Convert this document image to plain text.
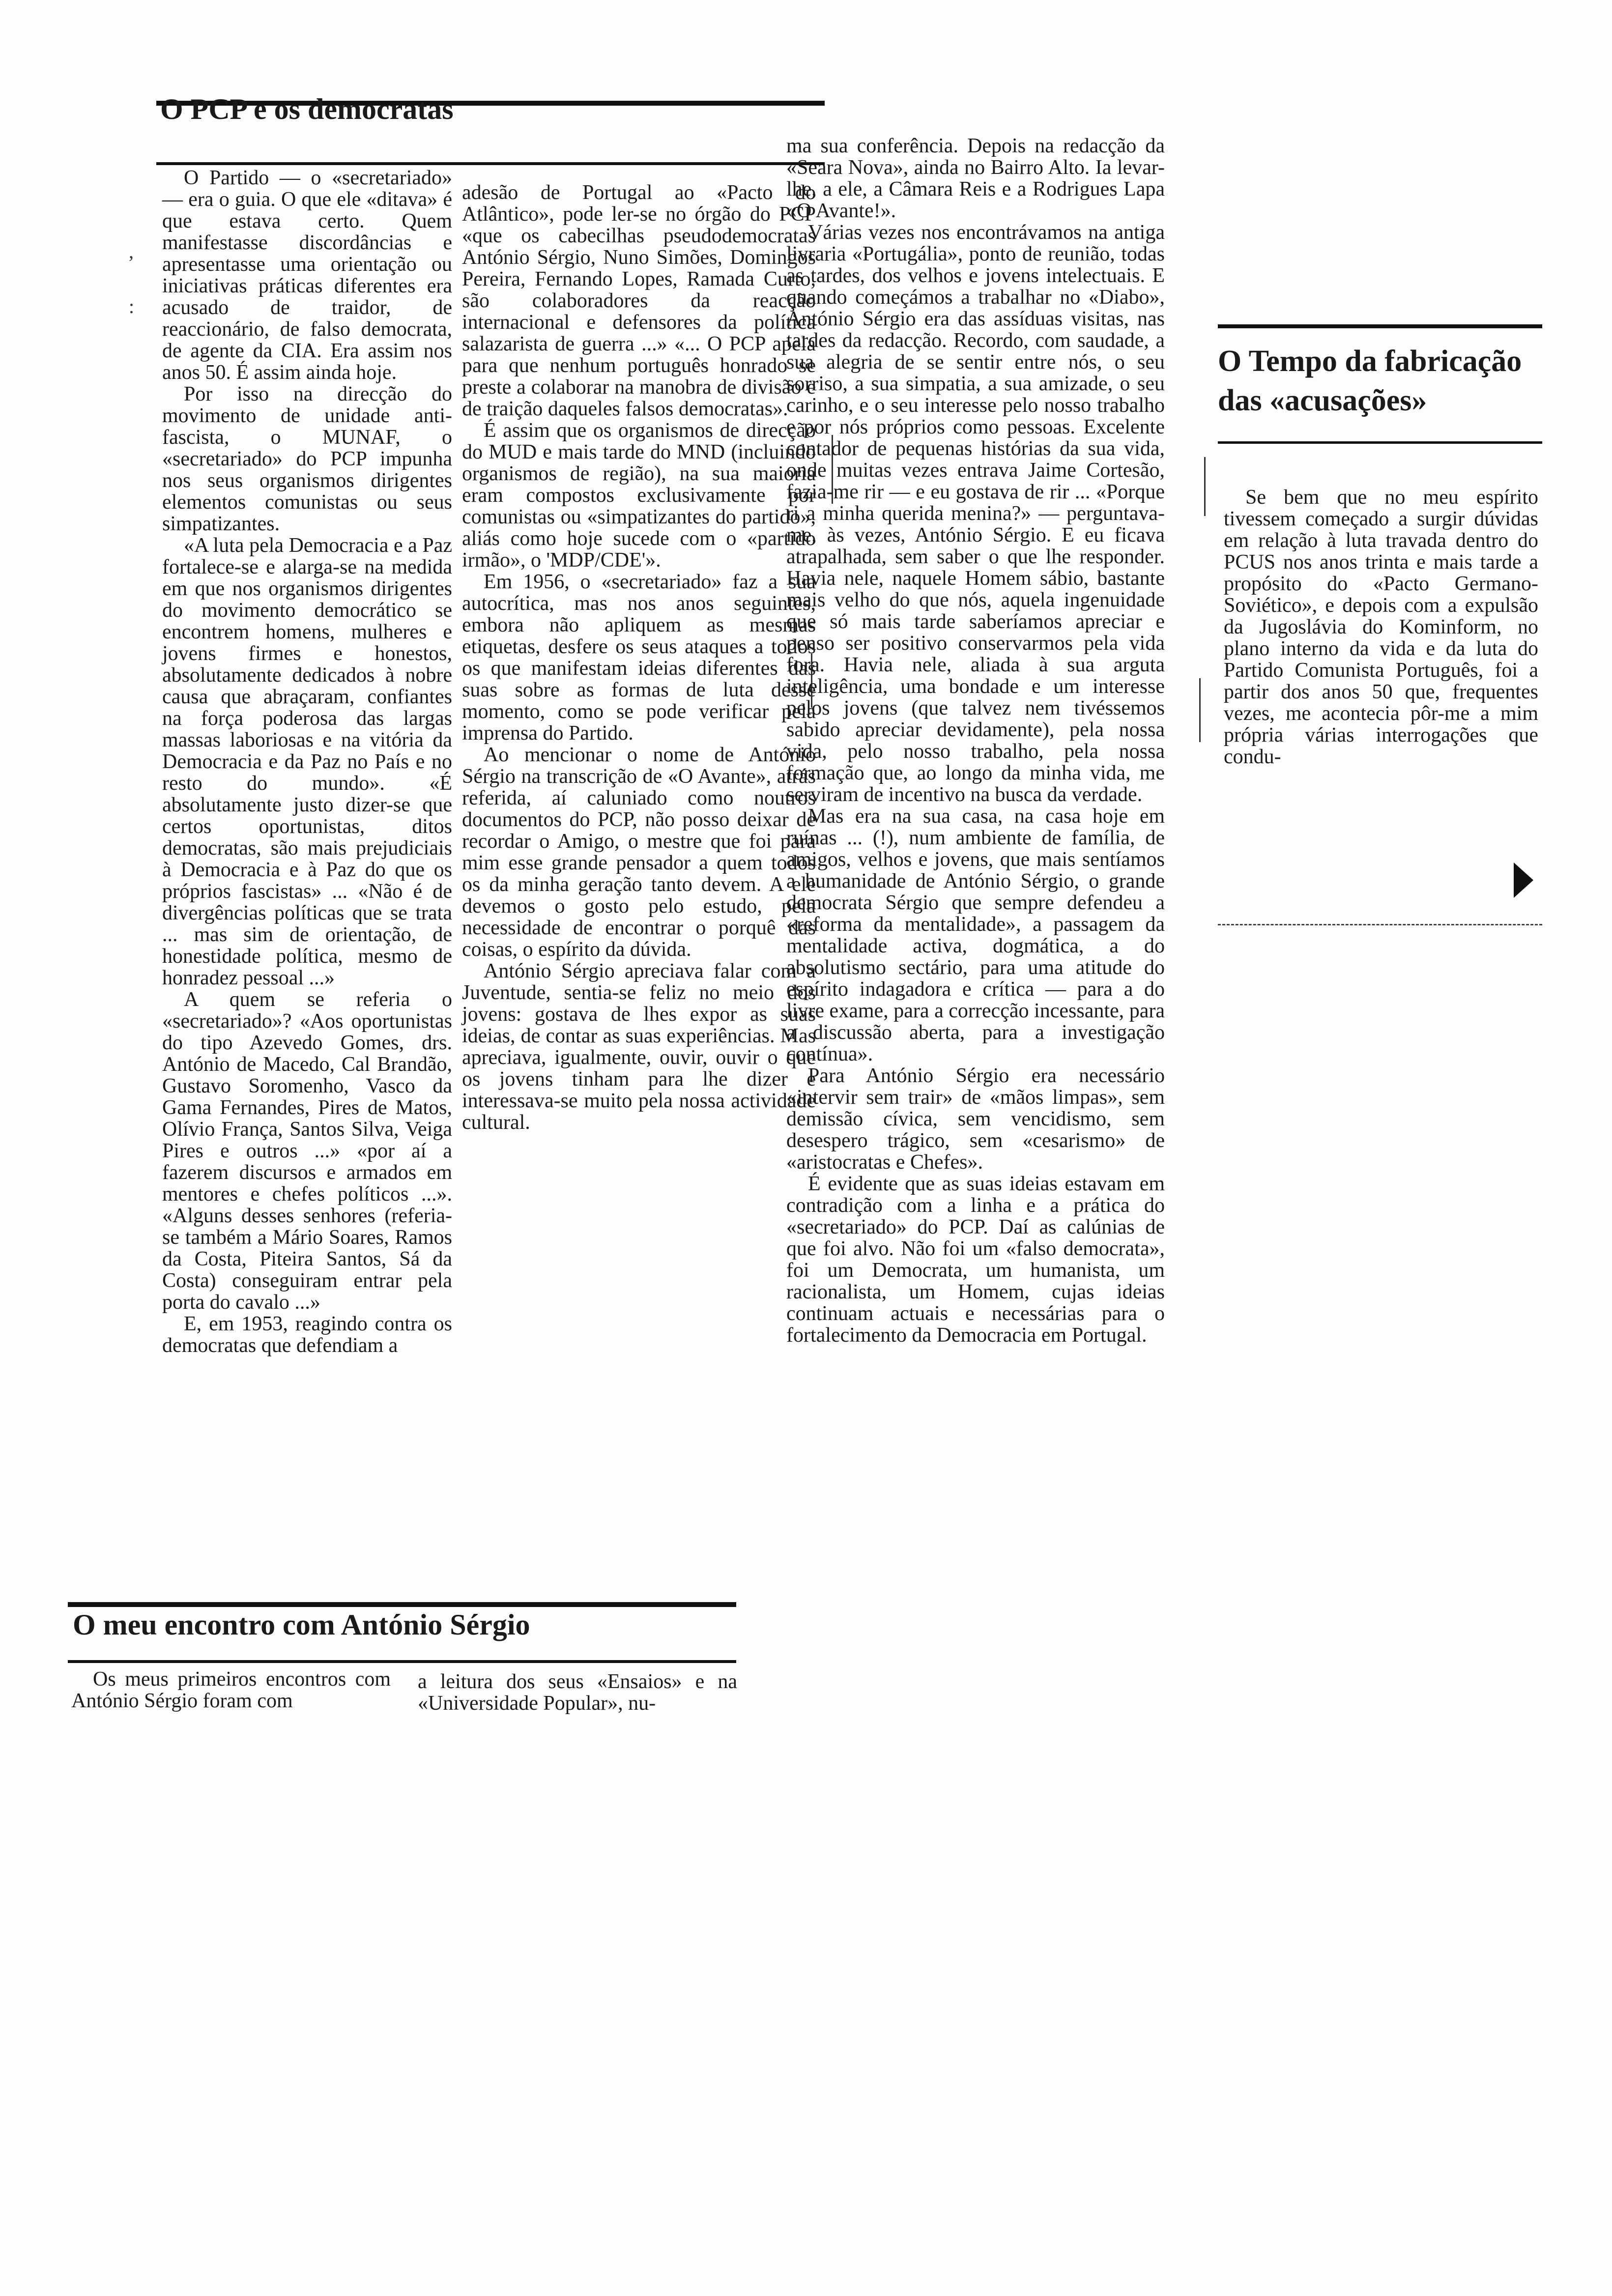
O PCP e os democratas

O Partido — o «secretariado» — era o guia. O que ele «ditava» é que estava certo. Quem manifestasse discordâncias e apresentasse uma orientação ou iniciativas práticas diferentes era acusado de traidor, de reaccionário, de falso democrata, de agente da CIA. Era assim nos anos 50. É assim ainda hoje.

Por isso na direcção do movimento de unidade anti-fascista, o MUNAF, o «secretariado» do PCP impunha nos seus organismos dirigentes elementos comunistas ou seus simpatizantes.

«A luta pela Democracia e a Paz fortalece-se e alarga-se na medida em que nos organismos dirigentes do movimento democrático se encontrem homens, mulheres e jovens firmes e honestos, absolutamente dedicados à nobre causa que abraçaram, confiantes na força poderosa das largas massas laboriosas e na vitória da Democracia e da Paz no País e no resto do mundo». «É absolutamente justo dizer-se que certos oportunistas, ditos democratas, são mais prejudiciais à Democracia e à Paz do que os próprios fascistas» ... «Não é de divergências políticas que se trata ... mas sim de orientação, de honestidade política, mesmo de honradez pessoal ...»

A quem se referia o «secretariado»? «Aos oportunistas do tipo Azevedo Gomes, drs. António de Macedo, Cal Brandão, Gustavo Soromenho, Vasco da Gama Fernandes, Pires de Matos, Olívio França, Santos Silva, Veiga Pires e outros ...» «por aí a fazerem discursos e armados em mentores e chefes políticos ...». «Alguns desses senhores (referia-se também a Mário Soares, Ramos da Costa, Piteira Santos, Sá da Costa) conseguiram entrar pela porta do cavalo ...»

E, em 1953, reagindo contra os democratas que defendiam a

adesão de Portugal ao «Pacto do Atlântico», pode ler-se no órgão do PCP «que os cabecilhas pseudodemocratas António Sérgio, Nuno Simões, Domingos Pereira, Fernando Lopes, Ramada Curto, são colaboradores da reacção internacional e defensores da política salazarista de guerra ...» «... O PCP apela para que nenhum português honrado se preste a colaborar na manobra de divisão e de traição daqueles falsos democratas».

É assim que os organismos de direcção do MUD e mais tarde do MND (incluindo organismos de região), na sua maioria eram compostos exclusivamente por comunistas ou «simpatizantes do partido», aliás como hoje sucede com o «partido irmão», o 'MDP/CDE'».

Em 1956, o «secretariado» faz a sua autocrítica, mas nos anos seguintes, embora não apliquem as mesmas etiquetas, desfere os seus ataques a todos os que manifestam ideias diferentes das suas sobre as formas de luta desse momento, como se pode verificar pela imprensa do Partido.

Ao mencionar o nome de António Sérgio na transcrição de «O Avante», atrás referida, aí caluniado como noutros documentos do PCP, não posso deixar de recordar o Amigo, o mestre que foi para mim esse grande pensador a quem todos os da minha geração tanto devem. A ele devemos o gosto pelo estudo, pela necessidade de encontrar o porquê das coisas, o espírito da dúvida.

António Sérgio apreciava falar com a Juventude, sentia-se feliz no meio dos jovens: gostava de lhes expor as suas ideias, de contar as suas experiências. Mas apreciava, igualmente, ouvir, ouvir o que os jovens tinham para lhe dizer e interessava-se muito pela nossa actividade cultural.

,
:
O meu encontro com António Sérgio

Os meus primeiros encontros com António Sérgio foram com

a leitura dos seus «Ensaios» e na «Universidade Popular», nu-

ma sua conferência. Depois na redacção da «Seara Nova», ainda no Bairro Alto. Ia levar-lhe, a ele, a Câmara Reis e a Rodrigues Lapa «O Avante!».

Várias vezes nos encontrávamos na antiga livraria «Portugália», ponto de reunião, todas as tardes, dos velhos e jovens intelectuais. E quando começámos a trabalhar no «Diabo», António Sérgio era das assíduas visitas, nas tardes da redacção. Recordo, com saudade, a sua alegria de se sentir entre nós, o seu sorriso, a sua simpatia, a sua amizade, o seu carinho, e o seu interesse pelo nosso trabalho e por nós próprios como pessoas. Excelente contador de pequenas histórias da sua vida, onde muitas vezes entrava Jaime Cortesão, fazia-me rir — e eu gostava de rir ... «Porque ri a minha querida menina?» — perguntava-me, às vezes, António Sérgio. E eu ficava atrapalhada, sem saber o que lhe responder. Havia nele, naquele Homem sábio, bastante mais velho do que nós, aquela ingenuidade que só mais tarde saberíamos apreciar e penso ser positivo conservarmos pela vida fora. Havia nele, aliada à sua arguta inteligência, uma bondade e um interesse pelos jovens (que talvez nem tivéssemos sabido apreciar devidamente), pela nossa vida, pelo nosso trabalho, pela nossa formação que, ao longo da minha vida, me serviram de incentivo na busca da verdade.

Mas era na sua casa, na casa hoje em ruínas ... (!), num ambiente de família, de amigos, velhos e jovens, que mais sentíamos a humanidade de António Sérgio, o grande democrata Sérgio que sempre defendeu a «reforma da mentalidade», a passagem da mentalidade activa, dogmática, a do absolutismo sectário, para uma atitude do espírito indagadora e crítica — para a do livre exame, para a correcção incessante, para a discussão aberta, para a investigação contínua».

Para António Sérgio era necessário «intervir sem trair» de «mãos limpas», sem demissão cívica, sem vencidismo, sem desespero trágico, sem «cesarismo» de «aristocratas e Chefes».

É evidente que as suas ideias estavam em contradição com a linha e a prática do «secretariado» do PCP. Daí as calúnias de que foi alvo. Não foi um «falso democrata», foi um Democrata, um humanista, um racionalista, um Homem, cujas ideias continuam actuais e necessárias para o fortalecimento da Democracia em Portugal.

O Tempo da fabricação
das «acusações»

Se bem que no meu espírito tivessem começado a surgir dúvidas em relação à luta travada dentro do PCUS nos anos trinta e mais tarde a propósito do «Pacto Germano-Soviético», e depois com a expulsão da Jugoslávia do Kominform, no plano interno da vida e da luta do Partido Comunista Português, foi a partir dos anos 50 que, frequentes vezes, me acontecia pôr-me a mim própria várias interrogações que condu-
